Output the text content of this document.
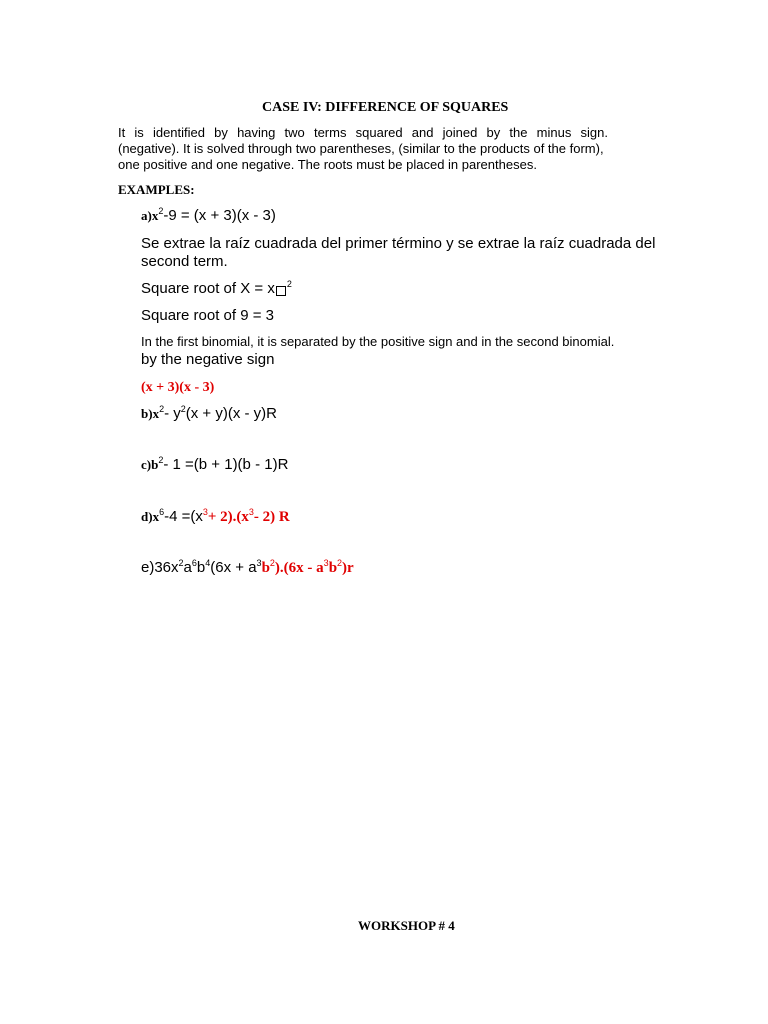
CASE IV: DIFFERENCE OF SQUARES

It is identified by having two terms squared and joined by the minus sign.

(negative). It is solved through two parentheses, (similar to the products of the form),

one positive and one negative. The roots must be placed in parentheses.

EXAMPLES:
$a)x^2-9 = (x + 3)(x - 3)$
Se extrae la raíz cuadrada del primer término y se extrae la raíz cuadrada del
second term.
Square root of X = x $^2$
Square root of 9 = 3
In the first binomial, it is separated by the positive sign and in the second binomial.
by the negative sign
(x + 3)(x - 3)
$b)x^2-$ $y^2(x + y)(x - y)R$
$c)b^2-$ 1 =(b + 1)(b - 1)R
$d)x^6-4 =(x^3+ 2).(x^3-$ 2) R
$e)36x^2a^6b^4(6x + a^3b^2).(6x - a^3b^2)r$
WORKSHOP # 4
